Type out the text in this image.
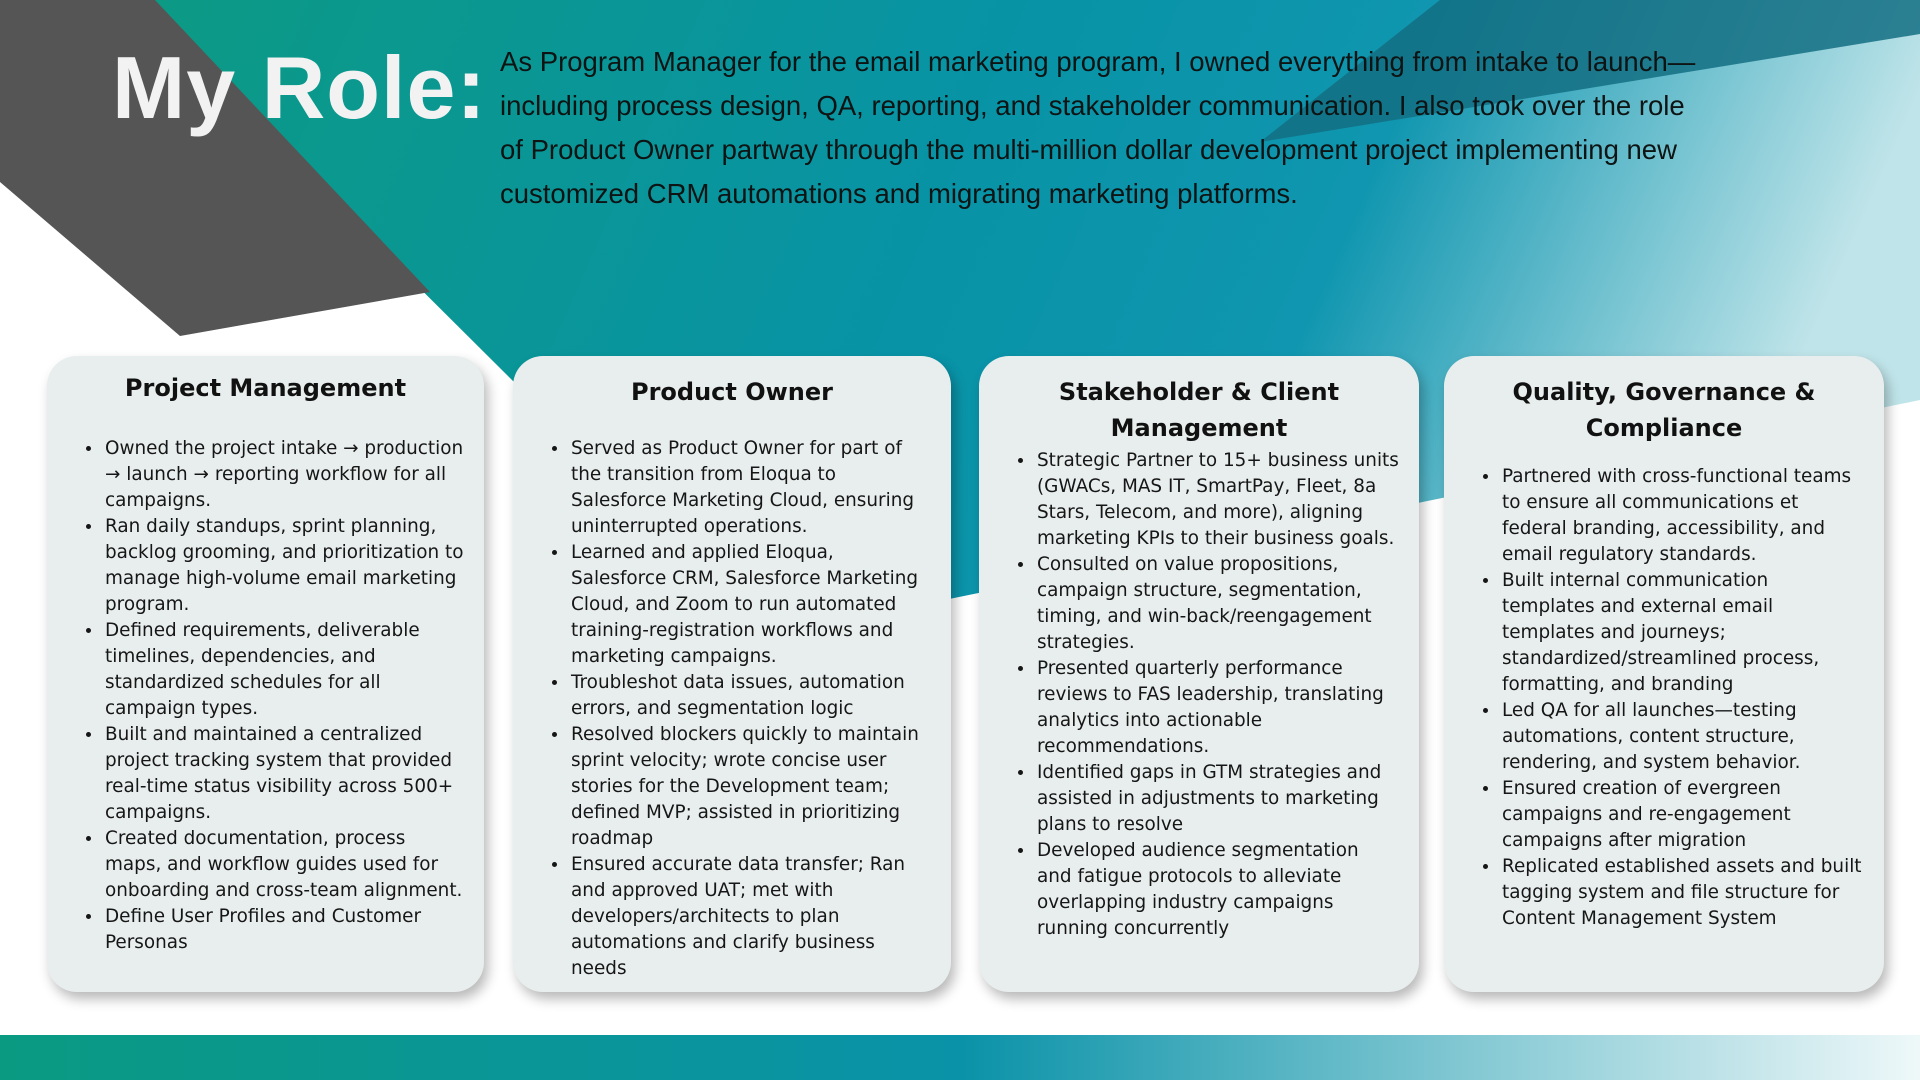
My Role: As Program Manager for the email marketing program, I owned everything from intake to launch—including process design, QA, reporting, and stakeholder communication. I also took over the role of Product Owner partway through the multi-million dollar development project implementing new customized CRM automations and migrating marketing platforms.

Project Management
• Owned the project intake → production → launch → reporting workflow for all campaigns.
• Ran daily standups, sprint planning, backlog grooming, and prioritization to manage high-volume email marketing program.
• Defined requirements, deliverable timelines, dependencies, and standardized schedules for all campaign types.
• Built and maintained a centralized project tracking system that provided real-time status visibility across 500+ campaigns.
• Created documentation, process maps, and workflow guides used for onboarding and cross-team alignment.
• Define User Profiles and Customer Personas
Product Owner
• Served as Product Owner for part of the transition from Eloqua to Salesforce Marketing Cloud, ensuring uninterrupted operations.
• Learned and applied Eloqua, Salesforce CRM, Salesforce Marketing Cloud, and Zoom to run automated training-registration workflows and marketing campaigns.
• Troubleshot data issues, automation errors, and segmentation logic
• Resolved blockers quickly to maintain sprint velocity; wrote concise user stories for the Development team; defined MVP; assisted in prioritizing roadmap
• Ensured accurate data transfer; Ran and approved UAT; met with developers/architects to plan automations and clarify business needs
Stakeholder & Client Management
• Strategic Partner to 15+ business units (GWACs, MAS IT, SmartPay, Fleet, 8a Stars, Telecom, and more), aligning marketing KPIs to their business goals.
• Consulted on value propositions, campaign structure, segmentation, timing, and win-back/reengagement strategies.
• Presented quarterly performance reviews to FAS leadership, translating analytics into actionable recommendations.
• Identified gaps in GTM strategies and assisted in adjustments to marketing plans to resolve
• Developed audience segmentation and fatigue protocols to alleviate overlapping industry campaigns running concurrently
Quality, Governance & Compliance
• Partnered with cross-functional teams to ensure all communications et federal branding, accessibility, and email regulatory standards.
• Built internal communication templates and external email templates and journeys; standardized/streamlined process, formatting, and branding
• Led QA for all launches—testing automations, content structure, rendering, and system behavior.
• Ensured creation of evergreen campaigns and re-engagement campaigns after migration
• Replicated established assets and built tagging system and file structure for Content Management System
